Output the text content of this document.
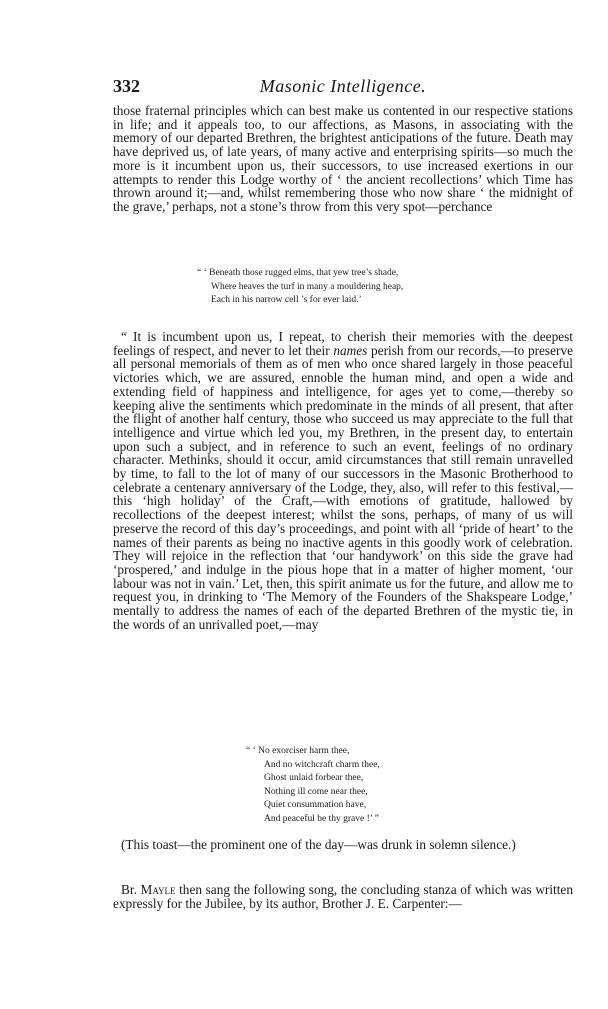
332	Masonic Intelligence.

those fraternal principles which can best make us contented in our respective stations in life; and it appeals too, to our affections, as Masons, in associating with the memory of our departed Brethren, the brightest anticipations of the future. Death may have deprived us, of late years, of many active and enterprising spirits—so much the more is it incumbent upon us, their successors, to use increased exertions in our attempts to render this Lodge worthy of ‘ the ancient recollections’ which Time has thrown around it;—and, whilst remembering those who now share ‘ the midnight of the grave,’ perhaps, not a stone’s throw from this very spot—perchance

“ ‘ Beneath those rugged elms, that yew tree’s shade,
Where heaves the turf in many a mouldering heap,
Each in his narrow cell ’s for ever laid.’

“ It is incumbent upon us, I repeat, to cherish their memories with the deepest feelings of respect, and never to let their names perish from our records,—to preserve all personal memorials of them as of men who once shared largely in those peaceful victories which, we are assured, ennoble the human mind, and open a wide and extending field of happiness and intelligence, for ages yet to come,—thereby so keeping alive the sentiments which predominate in the minds of all present, that after the flight of another half century, those who succeed us may appreciate to the full that intelligence and virtue which led you, my Brethren, in the present day, to entertain upon such a subject, and in reference to such an event, feelings of no ordinary character. Methinks, should it occur, amid circumstances that still remain unravelled by time, to fall to the lot of many of our successors in the Masonic Brotherhood to celebrate a centenary anniversary of the Lodge, they, also, will refer to this festival,—this ‘high holiday’ of the Craft,—with emotions of gratitude, hallowed by recollections of the deepest interest; whilst the sons, perhaps, of many of us will preserve the record of this day’s proceedings, and point with all ‘pride of heart’ to the names of their parents as being no inactive agents in this goodly work of celebration. They will rejoice in the reflection that ‘our handywork’ on this side the grave had ‘prospered,’ and indulge in the pious hope that in a matter of higher moment, ‘our labour was not in vain.’ Let, then, this spirit animate us for the future, and allow me to request you, in drinking to ‘The Memory of the Founders of the Shakspeare Lodge,’ mentally to address the names of each of the departed Brethren of the mystic tie, in the words of an unrivalled poet,—may

“ ‘ No exorciser harm thee,
And no witchcraft charm thee,
Ghost unlaid forbear thee,
Nothing ill come near thee,
Quiet consummation have,
And peaceful be thy grave !’ ”

(This toast—the prominent one of the day—was drunk in solemn silence.)

Br. Mayle then sang the following song, the concluding stanza of which was written expressly for the Jubilee, by its author, Brother J. E. Carpenter:—
